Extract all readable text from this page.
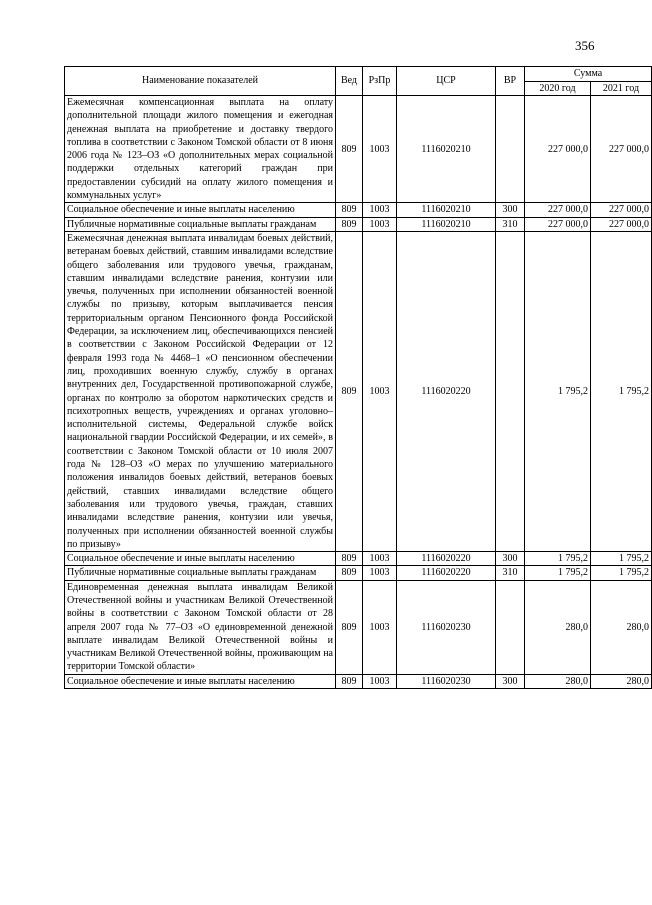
356
Наименование показателей	Вед	РзПр	ЦСР	ВР	Сумма	
					2020 год	2021 год
Ежемесячная компенсационная выплата на оплату дополнительной площади жилого помещения и ежегодная денежная выплата на приобретение и доставку твердого топлива в соответствии с Законом Томской области от 8 июня 2006 года № 123–ОЗ «О дополнительных мерах социальной поддержки отдельных категорий граждан при предоставлении субсидий на оплату жилого помещения и коммунальных услуг»	809	1003	1116020210		227 000,0	227 000,0
Социальное обеспечение и иные выплаты населению	809	1003	1116020210	300	227 000,0	227 000,0
Публичные нормативные социальные выплаты гражданам	809	1003	1116020210	310	227 000,0	227 000,0
Ежемесячная денежная выплата инвалидам боевых действий, ветеранам боевых действий, ставшим инвалидами вследствие общего заболевания или трудового увечья, гражданам, ставшим инвалидами вследствие ранения, контузии или увечья, полученных при исполнении обязанностей военной службы по призыву, которым выплачивается пенсия территориальным органом Пенсионного фонда Российской Федерации, за исключением лиц, обеспечивающихся пенсией в соответствии с Законом Российской Федерации от 12 февраля 1993 года № 4468–1 «О пенсионном обеспечении лиц, проходивших военную службу, службу в органах внутренних дел, Государственной противопожарной службе, органах по контролю за оборотом наркотических средств и психотропных веществ, учреждениях и органах уголовно–исполнительной системы, Федеральной службе войск национальной гвардии Российской Федерации, и их семей», в соответствии с Законом Томской области от 10 июля 2007 года № 128–ОЗ «О мерах по улучшению материального положения инвалидов боевых действий, ветеранов боевых действий, ставших инвалидами вследствие общего заболевания или трудового увечья, граждан, ставших инвалидами вследствие ранения, контузии или увечья, полученных при исполнении обязанностей военной службы по призыву»	809	1003	1116020220		1 795,2	1 795,2
Социальное обеспечение и иные выплаты населению	809	1003	1116020220	300	1 795,2	1 795,2
Публичные нормативные социальные выплаты гражданам	809	1003	1116020220	310	1 795,2	1 795,2
Единовременная денежная выплата инвалидам Великой Отечественной войны и участникам Великой Отечественной войны в соответствии с Законом Томской области от 28 апреля 2007 года № 77–ОЗ «О единовременной денежной выплате инвалидам Великой Отечественной войны и участникам Великой Отечественной войны, проживающим на территории Томской области»	809	1003	1116020230		280,0	280,0
Социальное обеспечение и иные выплаты населению	809	1003	1116020230	300	280,0	280,0
